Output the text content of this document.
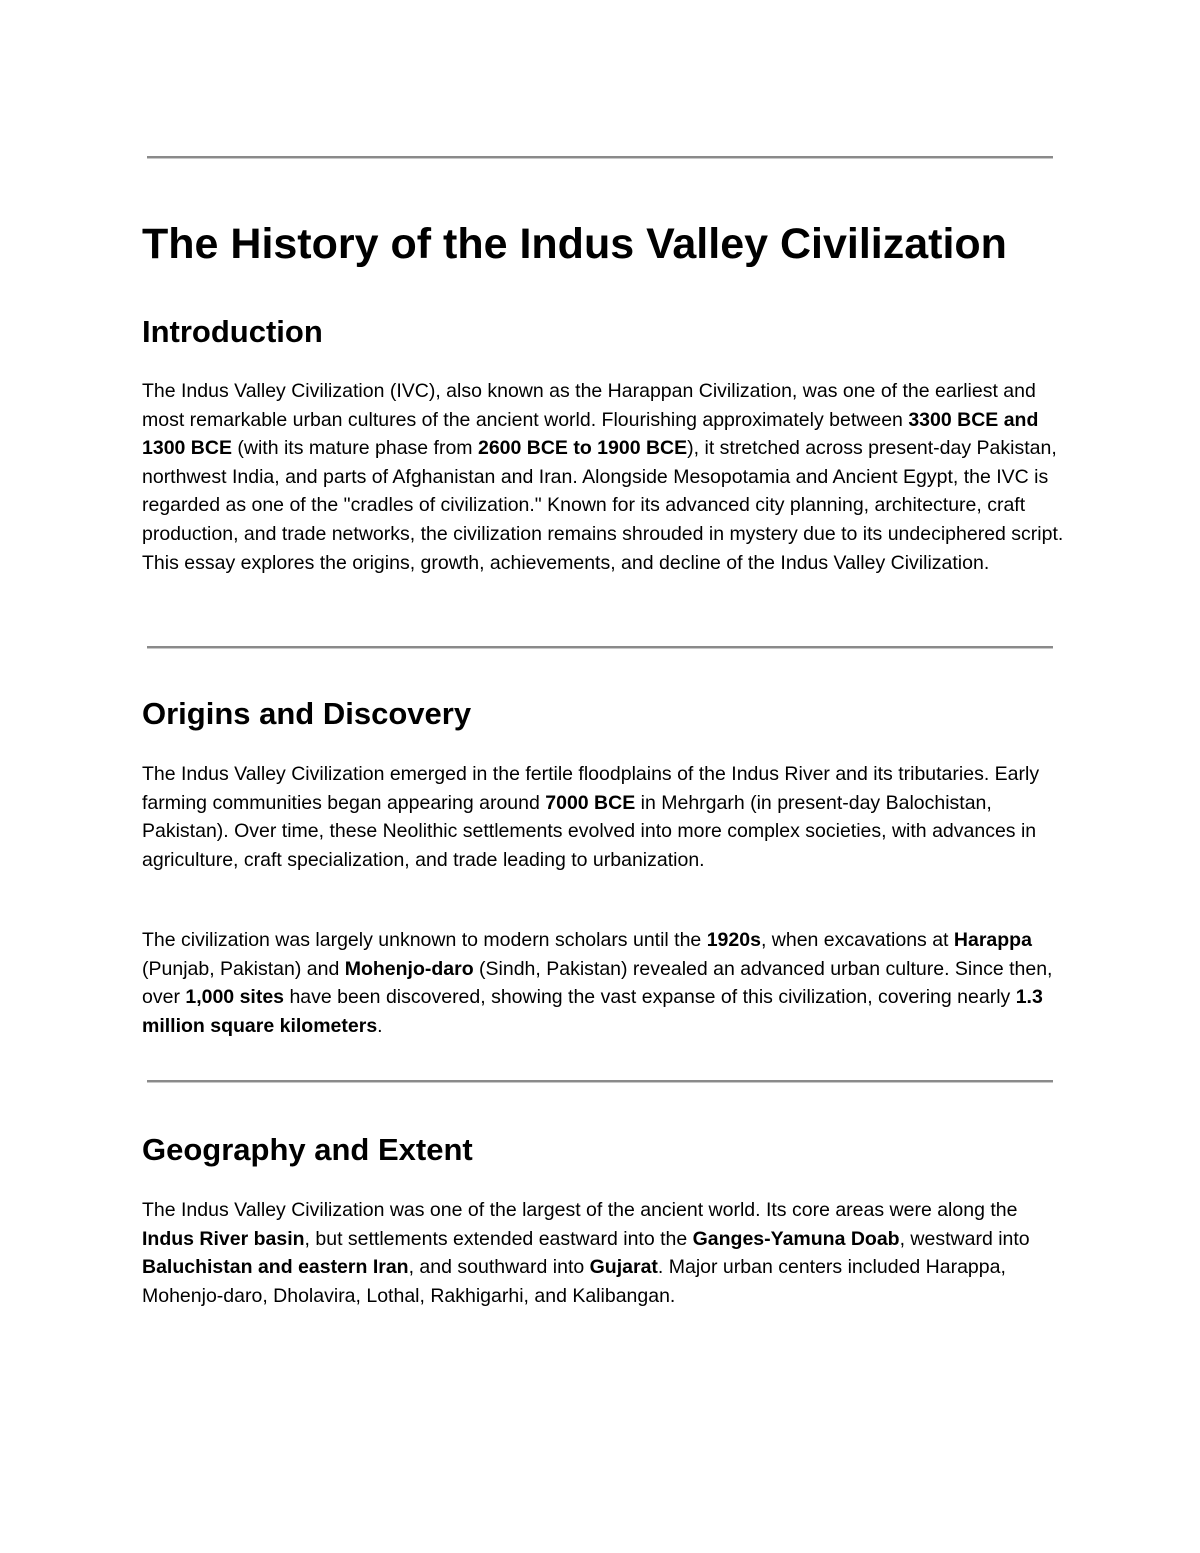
The History of the Indus Valley Civilization
Introduction

The Indus Valley Civilization (IVC), also known as the Harappan Civilization, was one of the earliest and most remarkable urban cultures of the ancient world. Flourishing approximately between 3300 BCE and 1300 BCE (with its mature phase from 2600 BCE to 1900 BCE), it stretched across present-day Pakistan, northwest India, and parts of Afghanistan and Iran. Alongside Mesopotamia and Ancient Egypt, the IVC is regarded as one of the "cradles of civilization." Known for its advanced city planning, architecture, craft production, and trade networks, the civilization remains shrouded in mystery due to its undeciphered script. This essay explores the origins, growth, achievements, and decline of the Indus Valley Civilization.

Origins and Discovery

The Indus Valley Civilization emerged in the fertile floodplains of the Indus River and its tributaries. Early farming communities began appearing around 7000 BCE in Mehrgarh (in present-day Balochistan, Pakistan). Over time, these Neolithic settlements evolved into more complex societies, with advances in agriculture, craft specialization, and trade leading to urbanization.

The civilization was largely unknown to modern scholars until the 1920s, when excavations at Harappa (Punjab, Pakistan) and Mohenjo-daro (Sindh, Pakistan) revealed an advanced urban culture. Since then, over 1,000 sites have been discovered, showing the vast expanse of this civilization, covering nearly 1.3 million square kilometers.

Geography and Extent

The Indus Valley Civilization was one of the largest of the ancient world. Its core areas were along the Indus River basin, but settlements extended eastward into the Ganges-Yamuna Doab, westward into Baluchistan and eastern Iran, and southward into Gujarat. Major urban centers included Harappa, Mohenjo-daro, Dholavira, Lothal, Rakhigarhi, and Kalibangan.
